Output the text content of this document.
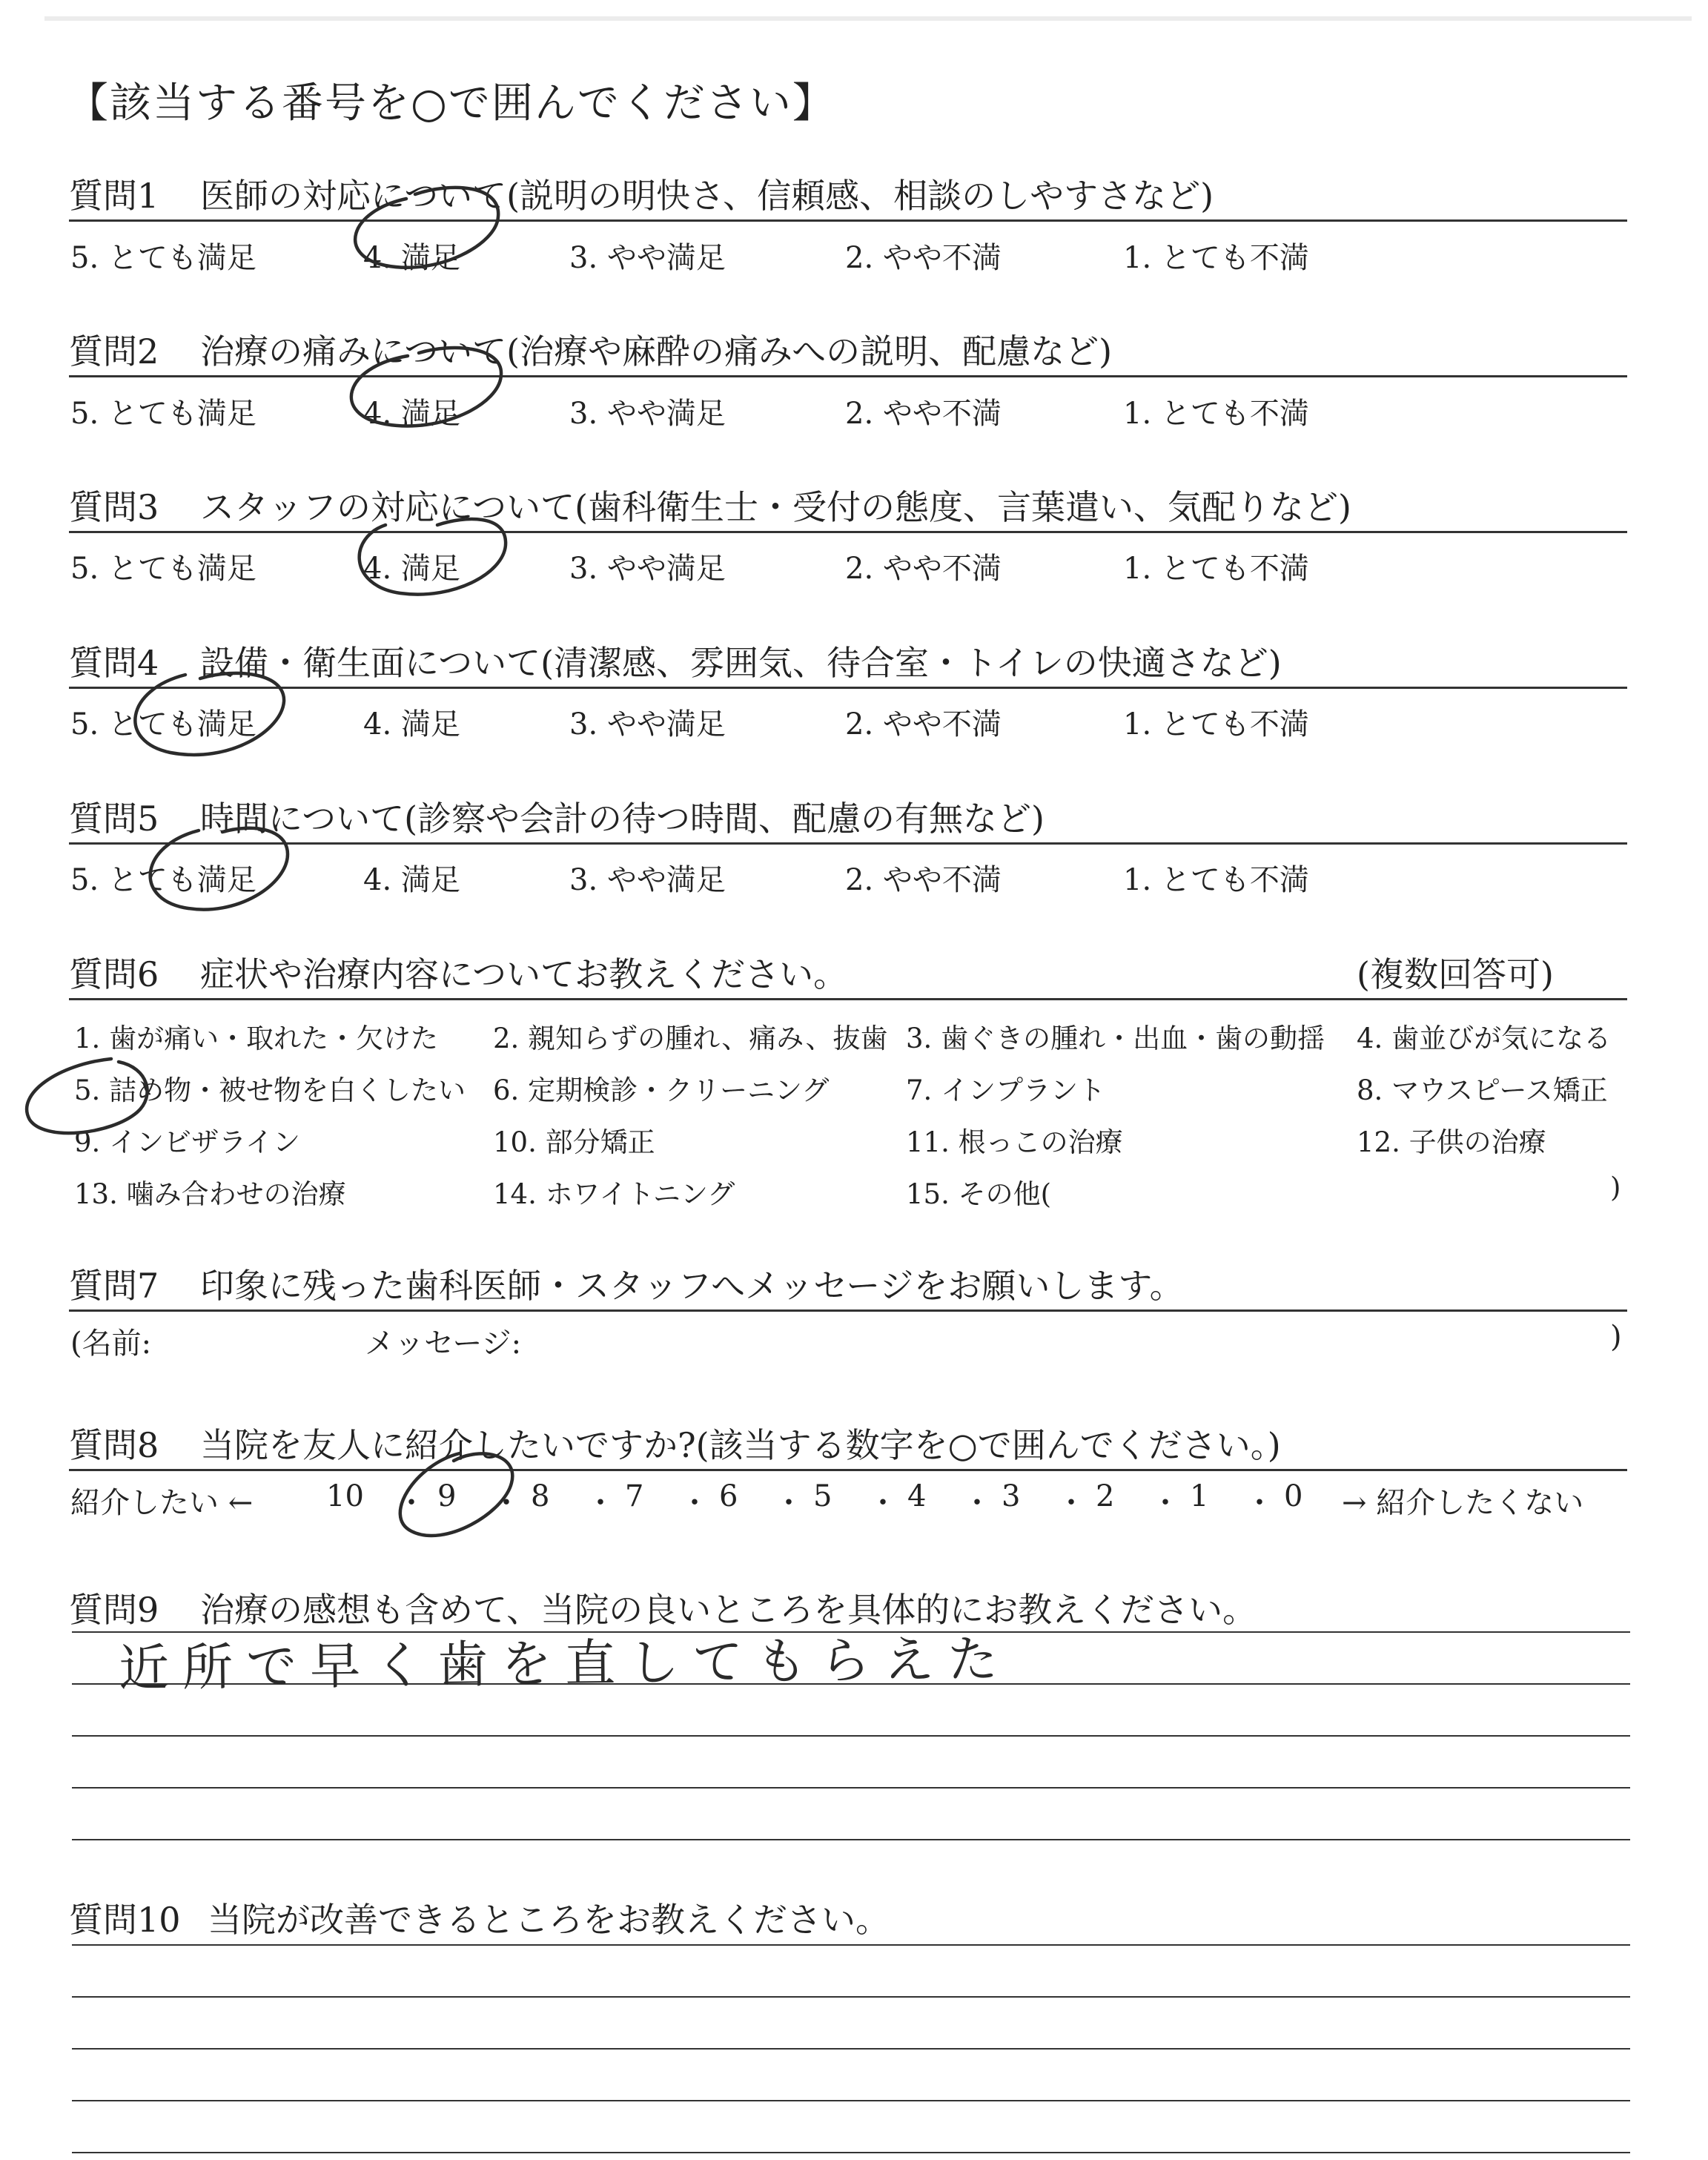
【該当する番号を○で囲んでください】
質問1 医師の対応について(説明の明快さ、信頼感、相談のしやすさなど)
5. とても満足	4. 満足	3. やや満足	2. やや不満	1. とても不満
質問2 治療の痛みについて(治療や麻酔の痛みへの説明、配慮など)
5. とても満足	4. 満足	3. やや満足	2. やや不満	1. とても不満
質問3 スタッフの対応について(歯科衛生士・受付の態度、言葉遣い、気配りなど)
5. とても満足	4. 満足	3. やや満足	2. やや不満	1. とても不満
質問4 設備・衛生面について(清潔感、雰囲気、待合室・トイレの快適さなど)
5. とても満足	4. 満足	3. やや満足	2. やや不満	1. とても不満
質問5 時間について(診察や会計の待つ時間、配慮の有無など)
5. とても満足	4. 満足	3. やや満足	2. やや不満	1. とても不満
質問6 症状や治療内容についてお教えください。	(複数回答可)
1. 歯が痛い・取れた・欠けた 2. 親知らずの腫れ、痛み、抜歯 3. 歯ぐきの腫れ・出血・歯の動揺 4. 歯並びが気になる
5. 詰め物・被せ物を白くしたい 6. 定期検診・クリーニング	7. インプラント	8. マウスピース矯正
9. インビザライン	10. 部分矯正	11. 根っこの治療	12. 子供の治療
13. 噛み合わせの治療	14. ホワイトニング	15. その他(	)
質問7 印象に残った歯科医師・スタッフへメッセージをお願いします。
(名前:	メッセージ:	)
質問8 当院を友人に紹介したいですか?(該当する数字を○で囲んでください。)
紹介したい ← 10 ・ 9 ・ 8 ・ 7 ・ 6 ・ 5 ・ 4 ・ 3 ・ 2 ・ 1 ・ 0 → 紹介したくない
質問9 治療の感想も含めて、当院の良いところを具体的にお教えください。
近所で早く歯を直してもらえた
質問10 当院が改善できるところをお教えください。
